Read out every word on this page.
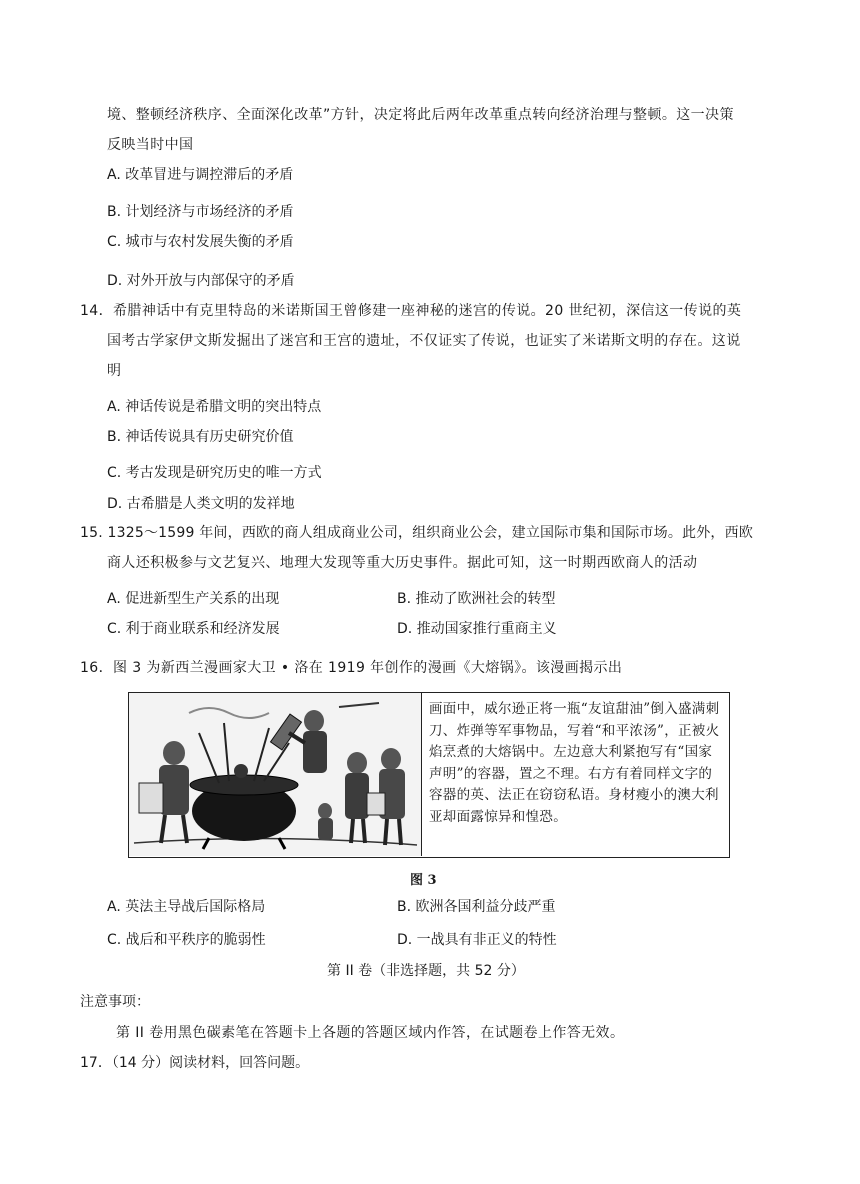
境、整顿经济秩序、全面深化改革”方针，决定将此后两年改革重点转向经济治理与整顿。这一决策
反映当时中国
A. 改革冒进与调控滞后的矛盾
B. 计划经济与市场经济的矛盾
C. 城市与农村发展失衡的矛盾
D. 对外开放与内部保守的矛盾
14．希腊神话中有克里特岛的米诺斯国王曾修建一座神秘的迷宫的传说。20 世纪初，深信这一传说的英
国考古学家伊文斯发掘出了迷宫和王宫的遗址，不仅证实了传说，也证实了米诺斯文明的存在。这说
明
A. 神话传说是希腊文明的突出特点
B. 神话传说具有历史研究价值
C. 考古发现是研究历史的唯一方式
D. 古希腊是人类文明的发祥地
15. 1325～1599 年间，西欧的商人组成商业公司，组织商业公会，建立国际市集和国际市场。此外，西欧
商人还积极参与文艺复兴、地理大发现等重大历史事件。据此可知，这一时期西欧商人的活动
A. 促进新型生产关系的出现	B. 推动了欧洲社会的转型
C. 利于商业联系和经济发展	D. 推动国家推行重商主义
16．图 3 为新西兰漫画家大卫 • 洛在 1919 年创作的漫画《大熔锅》。该漫画揭示出
画面中，威尔逊正将一瓶“友谊甜油”倒入盛满刺刀、炸弹等军事物品，写着“和平浓汤”，正被火焰烹煮的大熔锅中。左边意大利紧抱写有“国家声明”的容器，置之不理。右方有着同样文字的容器的英、法正在窃窃私语。身材瘦小的澳大利亚却面露惊异和惶恐。
图 3
A. 英法主导战后国际格局	B. 欧洲各国利益分歧严重
C. 战后和平秩序的脆弱性	D. 一战具有非正义的特性
第 II 卷（非选择题，共 52 分）
注意事项：
第 II 卷用黑色碳素笔在答题卡上各题的答题区域内作答，在试题卷上作答无效。
17．（14 分）阅读材料，回答问题。
